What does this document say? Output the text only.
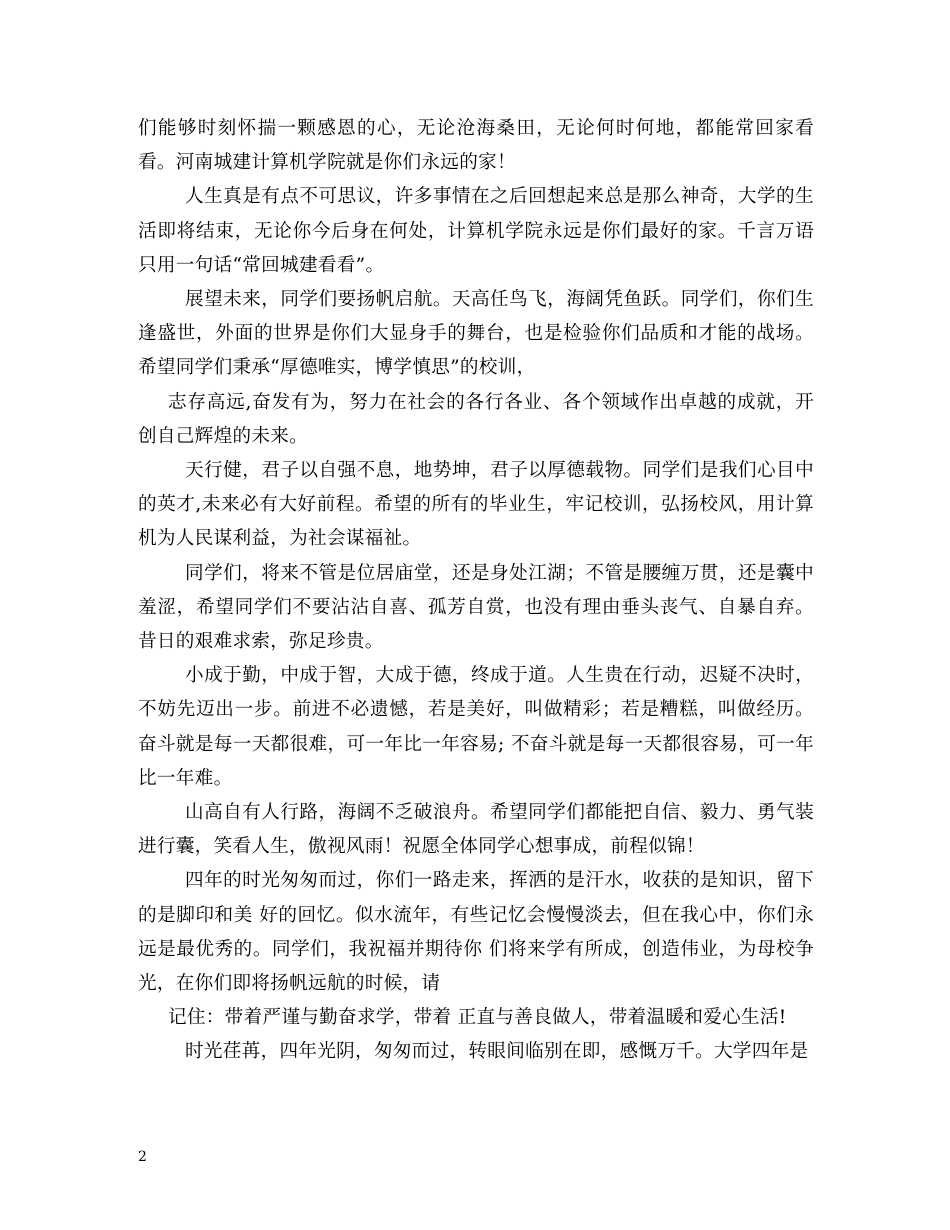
们能够时刻怀揣一颗感恩的心，无论沧海桑田，无论何时何地，都能常回家看看。河南城建计算机学院就是你们永远的家！

人生真是有点不可思议，许多事情在之后回想起来总是那么神奇，大学的生活即将结束，无论你今后身在何处，计算机学院永远是你们最好的家。千言万语只用一句话“常回城建看看”。

展望未来，同学们要扬帆启航。天高任鸟飞，海阔凭鱼跃。同学们，你们生逢盛世，外面的世界是你们大显身手的舞台，也是检验你们品质和才能的战场。希望同学们秉承“厚德唯实，博学慎思”的校训，

志存高远,奋发有为，努力在社会的各行各业、各个领域作出卓越的成就，开创自己辉煌的未来。

天行健，君子以自强不息，地势坤，君子以厚德载物。同学们是我们心目中的英才,未来必有大好前程。希望的所有的毕业生，牢记校训，弘扬校风，用计算机为人民谋利益，为社会谋福祉。

同学们，将来不管是位居庙堂，还是身处江湖；不管是腰缠万贯，还是囊中羞涩，希望同学们不要沾沾自喜、孤芳自赏，也没有理由垂头丧气、自暴自弃。昔日的艰难求索，弥足珍贵。

小成于勤，中成于智，大成于德，终成于道。人生贵在行动，迟疑不决时，不妨先迈出一步。前进不必遗憾，若是美好，叫做精彩；若是糟糕，叫做经历。奋斗就是每一天都很难，可一年比一年容易; 不奋斗就是每一天都很容易，可一年比一年难。

山高自有人行路，海阔不乏破浪舟。希望同学们都能把自信、毅力、勇气装进行囊，笑看人生，傲视风雨！祝愿全体同学心想事成，前程似锦！

四年的时光匆匆而过，你们一路走来，挥洒的是汗水，收获的是知识，留下的是脚印和美 好的回忆。似水流年，有些记忆会慢慢淡去，但在我心中，你们永远是最优秀的。同学们，我祝福并期待你 们将来学有所成，创造伟业，为母校争光，在你们即将扬帆远航的时候，请

记住：带着严谨与勤奋求学，带着 正直与善良做人，带着温暖和爱心生活!

时光荏苒，四年光阴，匆匆而过，转眼间临别在即，感慨万千。大学四年是

2
